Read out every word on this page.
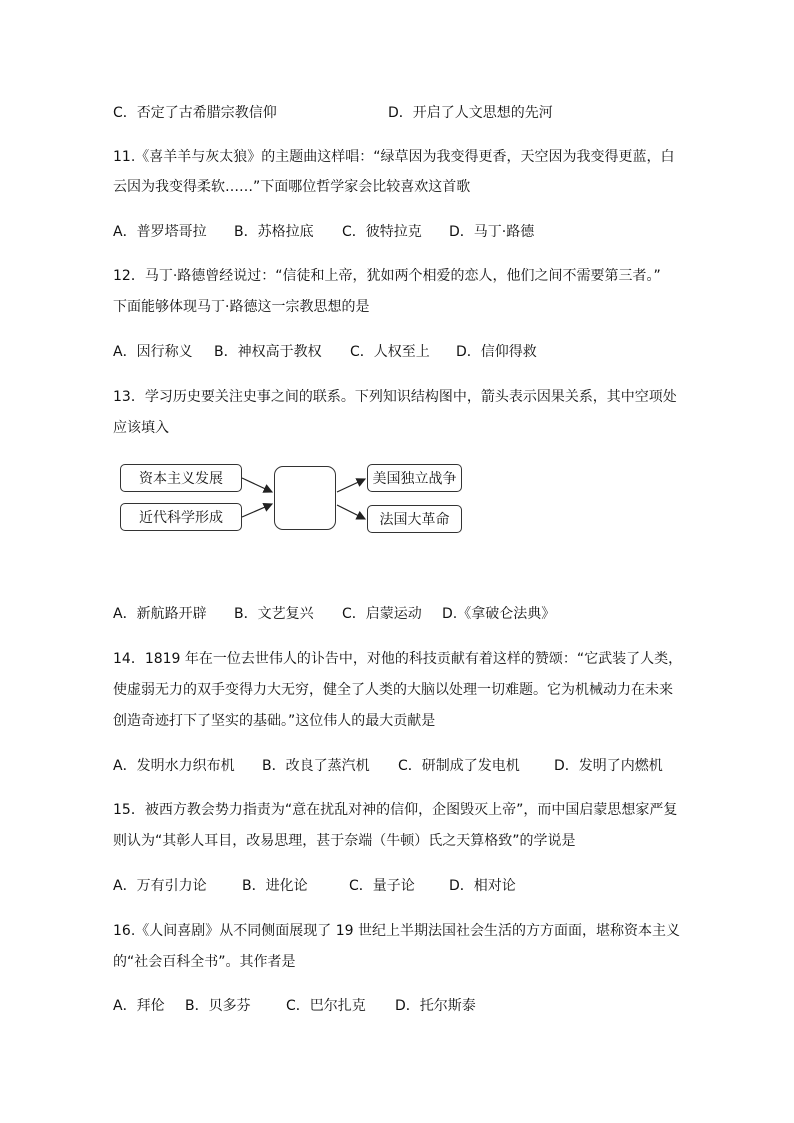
C．否定了古希腊宗教信仰	D．开启了人文思想的先河
11.《喜羊羊与灰太狼》的主题曲这样唱：“绿草因为我变得更香，天空因为我变得更蓝，白
云因为我变得柔软……”下面哪位哲学家会比较喜欢这首歌
A．普罗塔哥拉 B．苏格拉底 C．彼特拉克 D．马丁·路德
12．马丁·路德曾经说过：“信徒和上帝，犹如两个相爱的恋人，他们之间不需要第三者。”
下面能够体现马丁·路德这一宗教思想的是
A．因行称义 B．神权高于教权 C．人权至上 D．信仰得救
13．学习历史要关注史事之间的联系。下列知识结构图中，箭头表示因果关系，其中空项处
应该填入
资本主义发展
近代科学形成
美国独立战争
法国大革命
A．新航路开辟 B．文艺复兴 C．启蒙运动 D.《拿破仑法典》
14．1819 年在一位去世伟人的讣告中，对他的科技贡献有着这样的赞颂：“它武装了人类，
使虚弱无力的双手变得力大无穷，健全了人类的大脑以处理一切难题。它为机械动力在未来
创造奇迹打下了坚实的基础。”这位伟人的最大贡献是
A．发明水力织布机 B．改良了蒸汽机 C．研制成了发电机 D．发明了内燃机
15．被西方教会势力指责为“意在扰乱对神的信仰，企图毁灭上帝”，而中国启蒙思想家严复
则认为“其彰人耳目，改易思理，甚于奈端（牛顿）氏之天算格致”的学说是
A．万有引力论	B．进化论	C．量子论 D．相对论
16.《人间喜剧》从不同侧面展现了 19 世纪上半期法国社会生活的方方面面，堪称资本主义
的“社会百科全书”。其作者是
A．拜伦 B．贝多芬	C．巴尔扎克 D．托尔斯泰
